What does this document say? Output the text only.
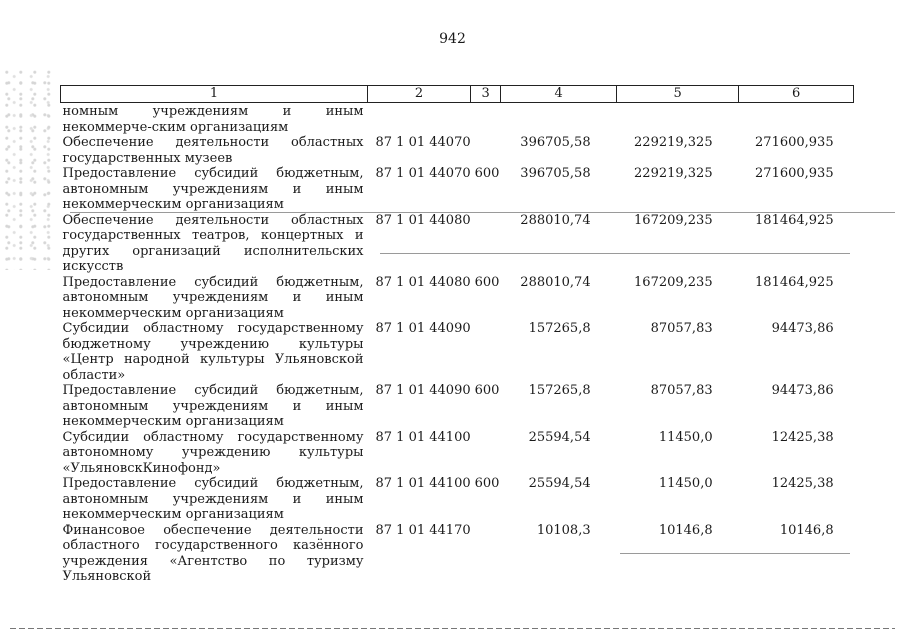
942
1	2	3	4	5	6
номным учреждениям и иным некоммерче-ским организациям					
Обеспечение деятельности областных государственных музеев	87 1 01 44070		396705,58	229219,325	271600,935
Предоставление субсидий бюджетным, автономным учреждениям и иным некоммерческим организациям	87 1 01 44070	600	396705,58	229219,325	271600,935
Обеспечение деятельности областных государственных театров, концертных и других организаций исполнительских искусств	87 1 01 44080		288010,74	167209,235	181464,925
Предоставление субсидий бюджетным, автономным учреждениям и иным некоммерческим организациям	87 1 01 44080	600	288010,74	167209,235	181464,925
Субсидии областному государственному бюджетному учреждению культуры «Центр народной культуры Ульяновской области»	87 1 01 44090		157265,8	87057,83	94473,86
Предоставление субсидий бюджетным, автономным учреждениям и иным некоммерческим организациям	87 1 01 44090	600	157265,8	87057,83	94473,86
Субсидии областному государственному автономному учреждению культуры «УльяновскКинофонд»	87 1 01 44100		25594,54	11450,0	12425,38
Предоставление субсидий бюджетным, автономным учреждениям и иным некоммерческим организациям	87 1 01 44100	600	25594,54	11450,0	12425,38
Финансовое обеспечение деятельности областного государственного казённого учреждения «Агентство по туризму Ульяновской	87 1 01 44170		10108,3	10146,8	10146,8
